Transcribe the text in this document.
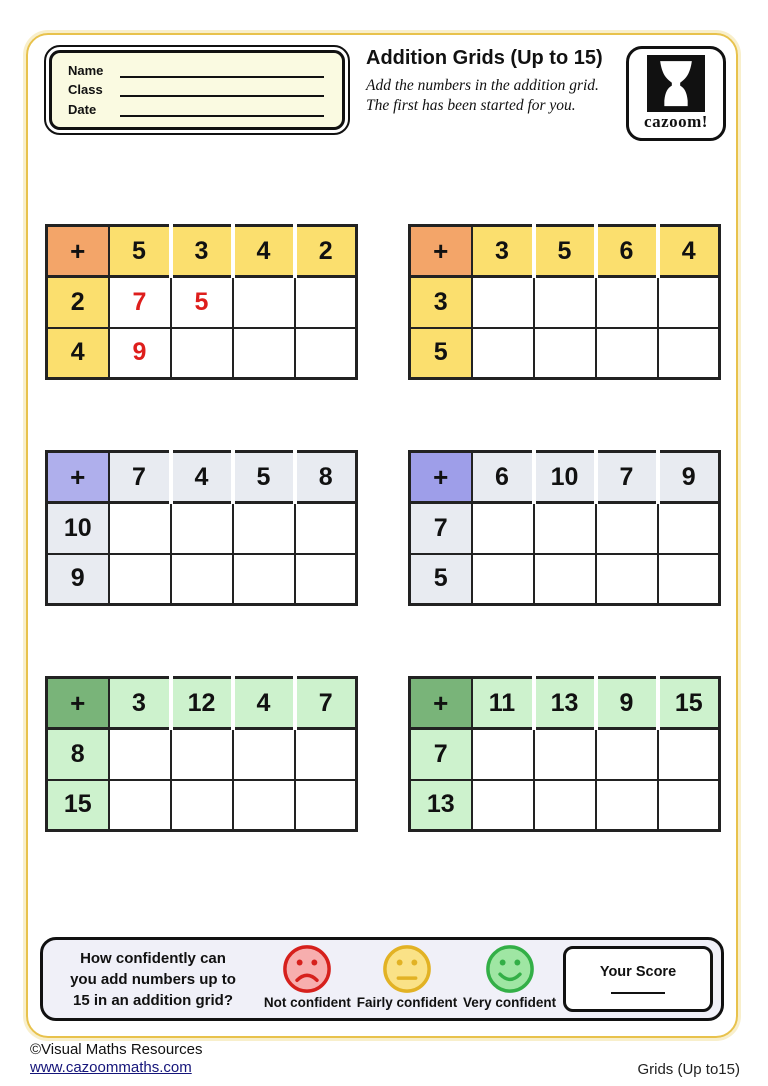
Name
Class
Date
Addition Grids (Up to 15)

Add the numbers in the addition grid.
The first has been started for you.

cazoom!
+	5	3	4	2
2	7	5		
4	9			
+	3	5	6	4
3				
5				
+	7	4	5	8
10				
9				
+	6	10	7	9
7				
5				
+	3	12	4	7
8				
15				
+	11	13	9	15
7				
13				
How confidently can
you add numbers up to
15 in an addition grid?	Not confident Fairly confident Very confident
Your Score
©Visual Maths Resources
www.cazoommaths.com	Grids (Up to15)
